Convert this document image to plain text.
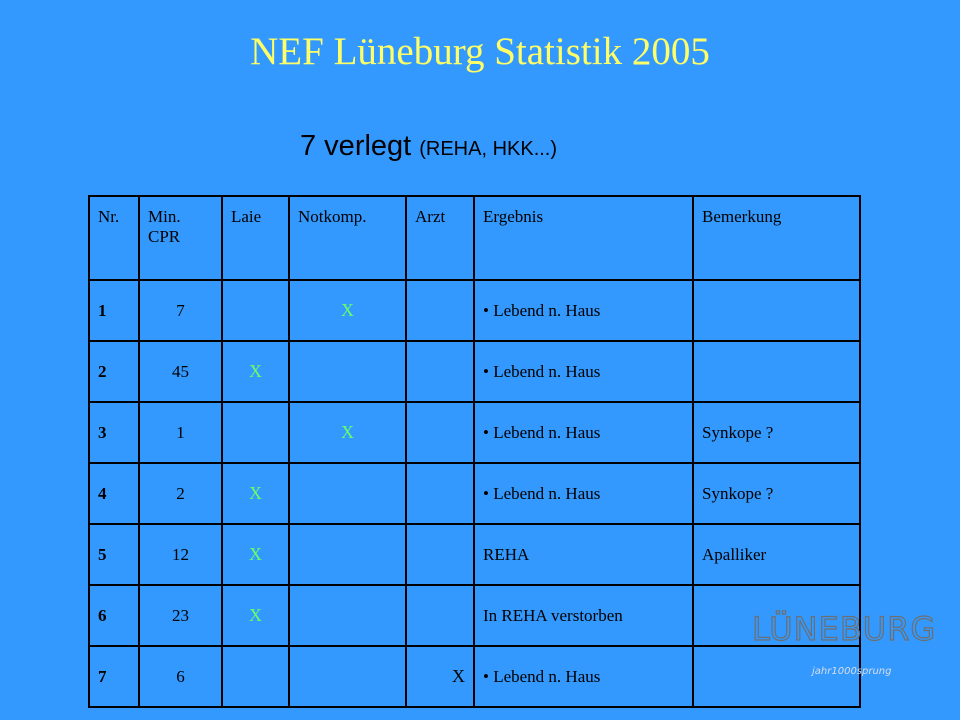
NEF Lüneburg Statistik 2005
7 verlegt (REHA, HKK...)
Nr.	Min. CPR	Laie	Notkomp.	Arzt	Ergebnis	Bemerkung
1	7		X		• Lebend n. Haus	
2	45	X			• Lebend n. Haus	
3	1		X		• Lebend n. Haus	Synkope ?
4	2	X			• Lebend n. Haus	Synkope ?
5	12	X			REHA	Apalliker
6	23	X			In REHA verstorben	
7	6			X	• Lebend n. Haus	
LÜNEBURG
jahr1000sprung
